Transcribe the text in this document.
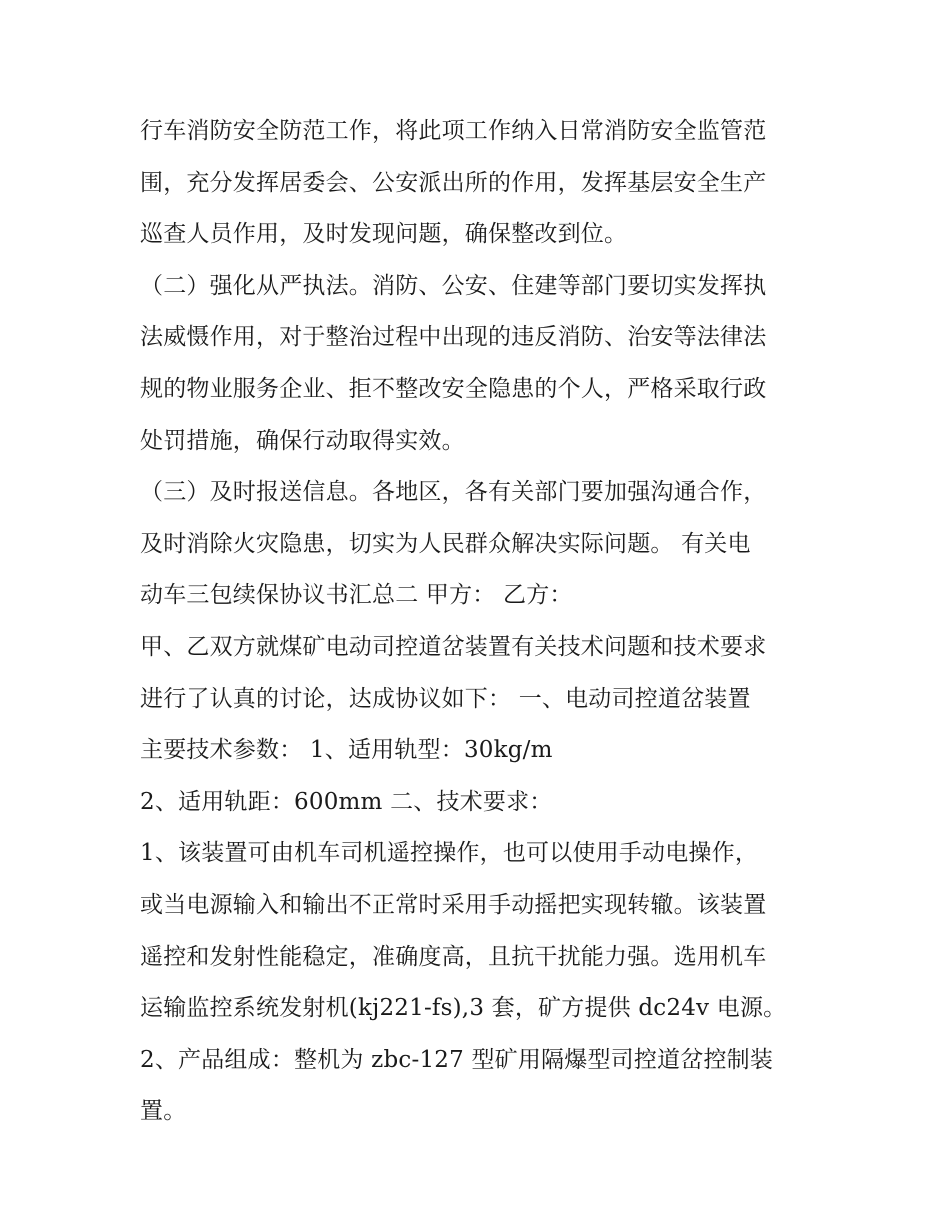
行车消防安全防范工作，将此项工作纳入日常消防安全监管范
围，充分发挥居委会、公安派出所的作用，发挥基层安全生产
巡查人员作用，及时发现问题，确保整改到位。
（二）强化从严执法。消防、公安、住建等部门要切实发挥执
法威慑作用，对于整治过程中出现的违反消防、治安等法律法
规的物业服务企业、拒不整改安全隐患的个人，严格采取行政
处罚措施，确保行动取得实效。
（三）及时报送信息。各地区，各有关部门要加强沟通合作，
及时消除火灾隐患，切实为人民群众解决实际问题。 有关电
动车三包续保协议书汇总二 甲方： 乙方：
甲、乙双方就煤矿电动司控道岔装置有关技术问题和技术要求
进行了认真的讨论，达成协议如下： 一、电动司控道岔装置
主要技术参数： 1、适用轨型：30kg/m
2、适用轨距：600mm 二、技术要求：
1、该装置可由机车司机遥控操作，也可以使用手动电操作，
或当电源输入和输出不正常时采用手动摇把实现转辙。该装置
遥控和发射性能稳定，准确度高，且抗干扰能力强。选用机车
运输监控系统发射机(kj221-fs),3 套，矿方提供 dc24v 电源。
2、产品组成：整机为 zbc-127 型矿用隔爆型司控道岔控制装
置。
